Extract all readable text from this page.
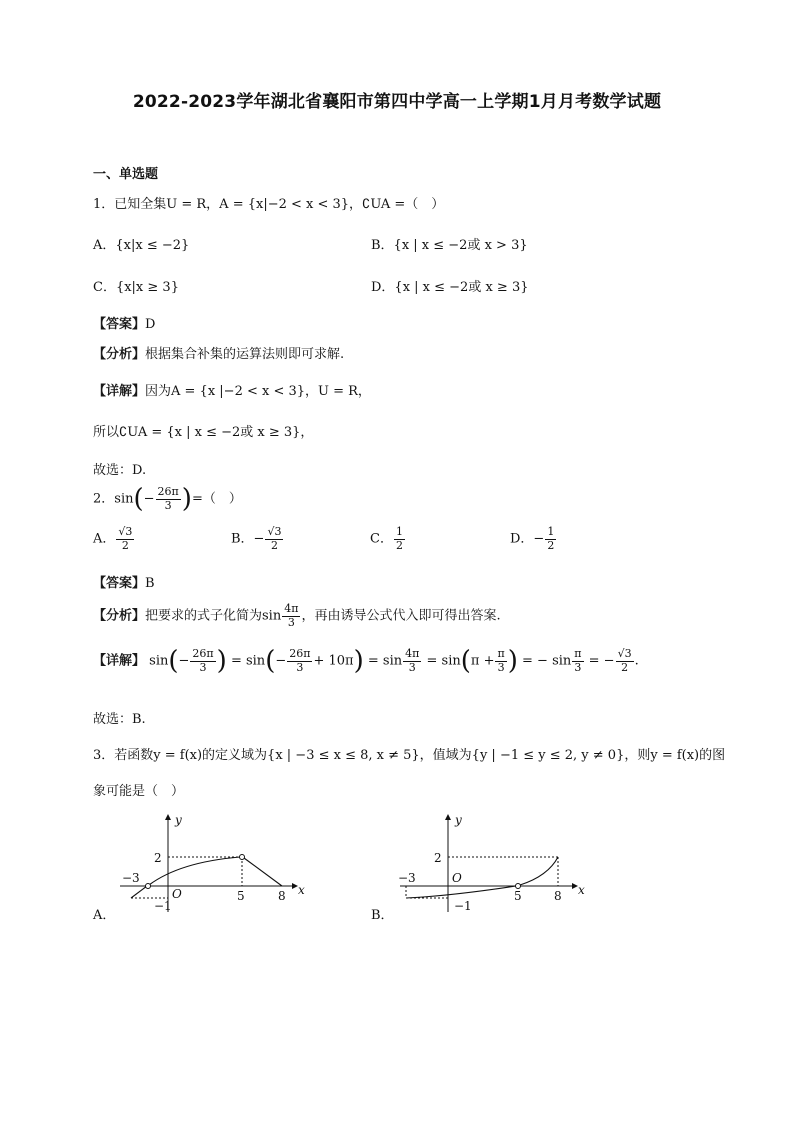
2022-2023学年湖北省襄阳市第四中学高一上学期1月月考数学试题
一、单选题
1．已知全集U = R，A = {x|−2 < x < 3}，∁UA =（　）
A．{x|x ≤ −2}	B．{x | x ≤ −2或 x > 3}
C．{x|x ≥ 3}	D．{x | x ≤ −2或 x ≥ 3}
【答案】D
【分析】根据集合补集的运算法则即可求解.
【详解】因为A = {x |−2 < x < 3}，U = R，
所以∁UA = {x | x ≤ −2或 x ≥ 3}，
故选：D.
2．$\sin(- \frac{26\pi}{3}$ )=（　）
A． $\frac{√3}{2}$	B．− $\frac{√3}{2}$	C． $\frac{1}{2}$	D．− $\frac{1}{2}$
【答案】B
【分析】把要求的式子化简为$\sin \frac{4\pi}{3}$ ，再由诱导公式代入即可得出答案.
【详解】 $\sin(- \frac{26\pi}{3}$ ) = $\sin(- \frac{26\pi}{3} + 10\pi) = \sin \frac{4\pi}{3} = \sin(\pi + \frac{\pi}{3}$ ) = − $\sin \frac{\pi}{3}$ = − $\frac{√3}{2}$ .
故选：B.
3．若函数y = f(x)的定义域为{x | −3 ≤ x ≤ 8, x ≠ 5}，值域为{y | −1 ≤ y ≤ 2, y ≠ 0}，则y = f(x)的图
象可能是（　）
y
x
O
−3
2
5	8
−1
A．
y
x
O
−3
2
5	8
−1
B．
